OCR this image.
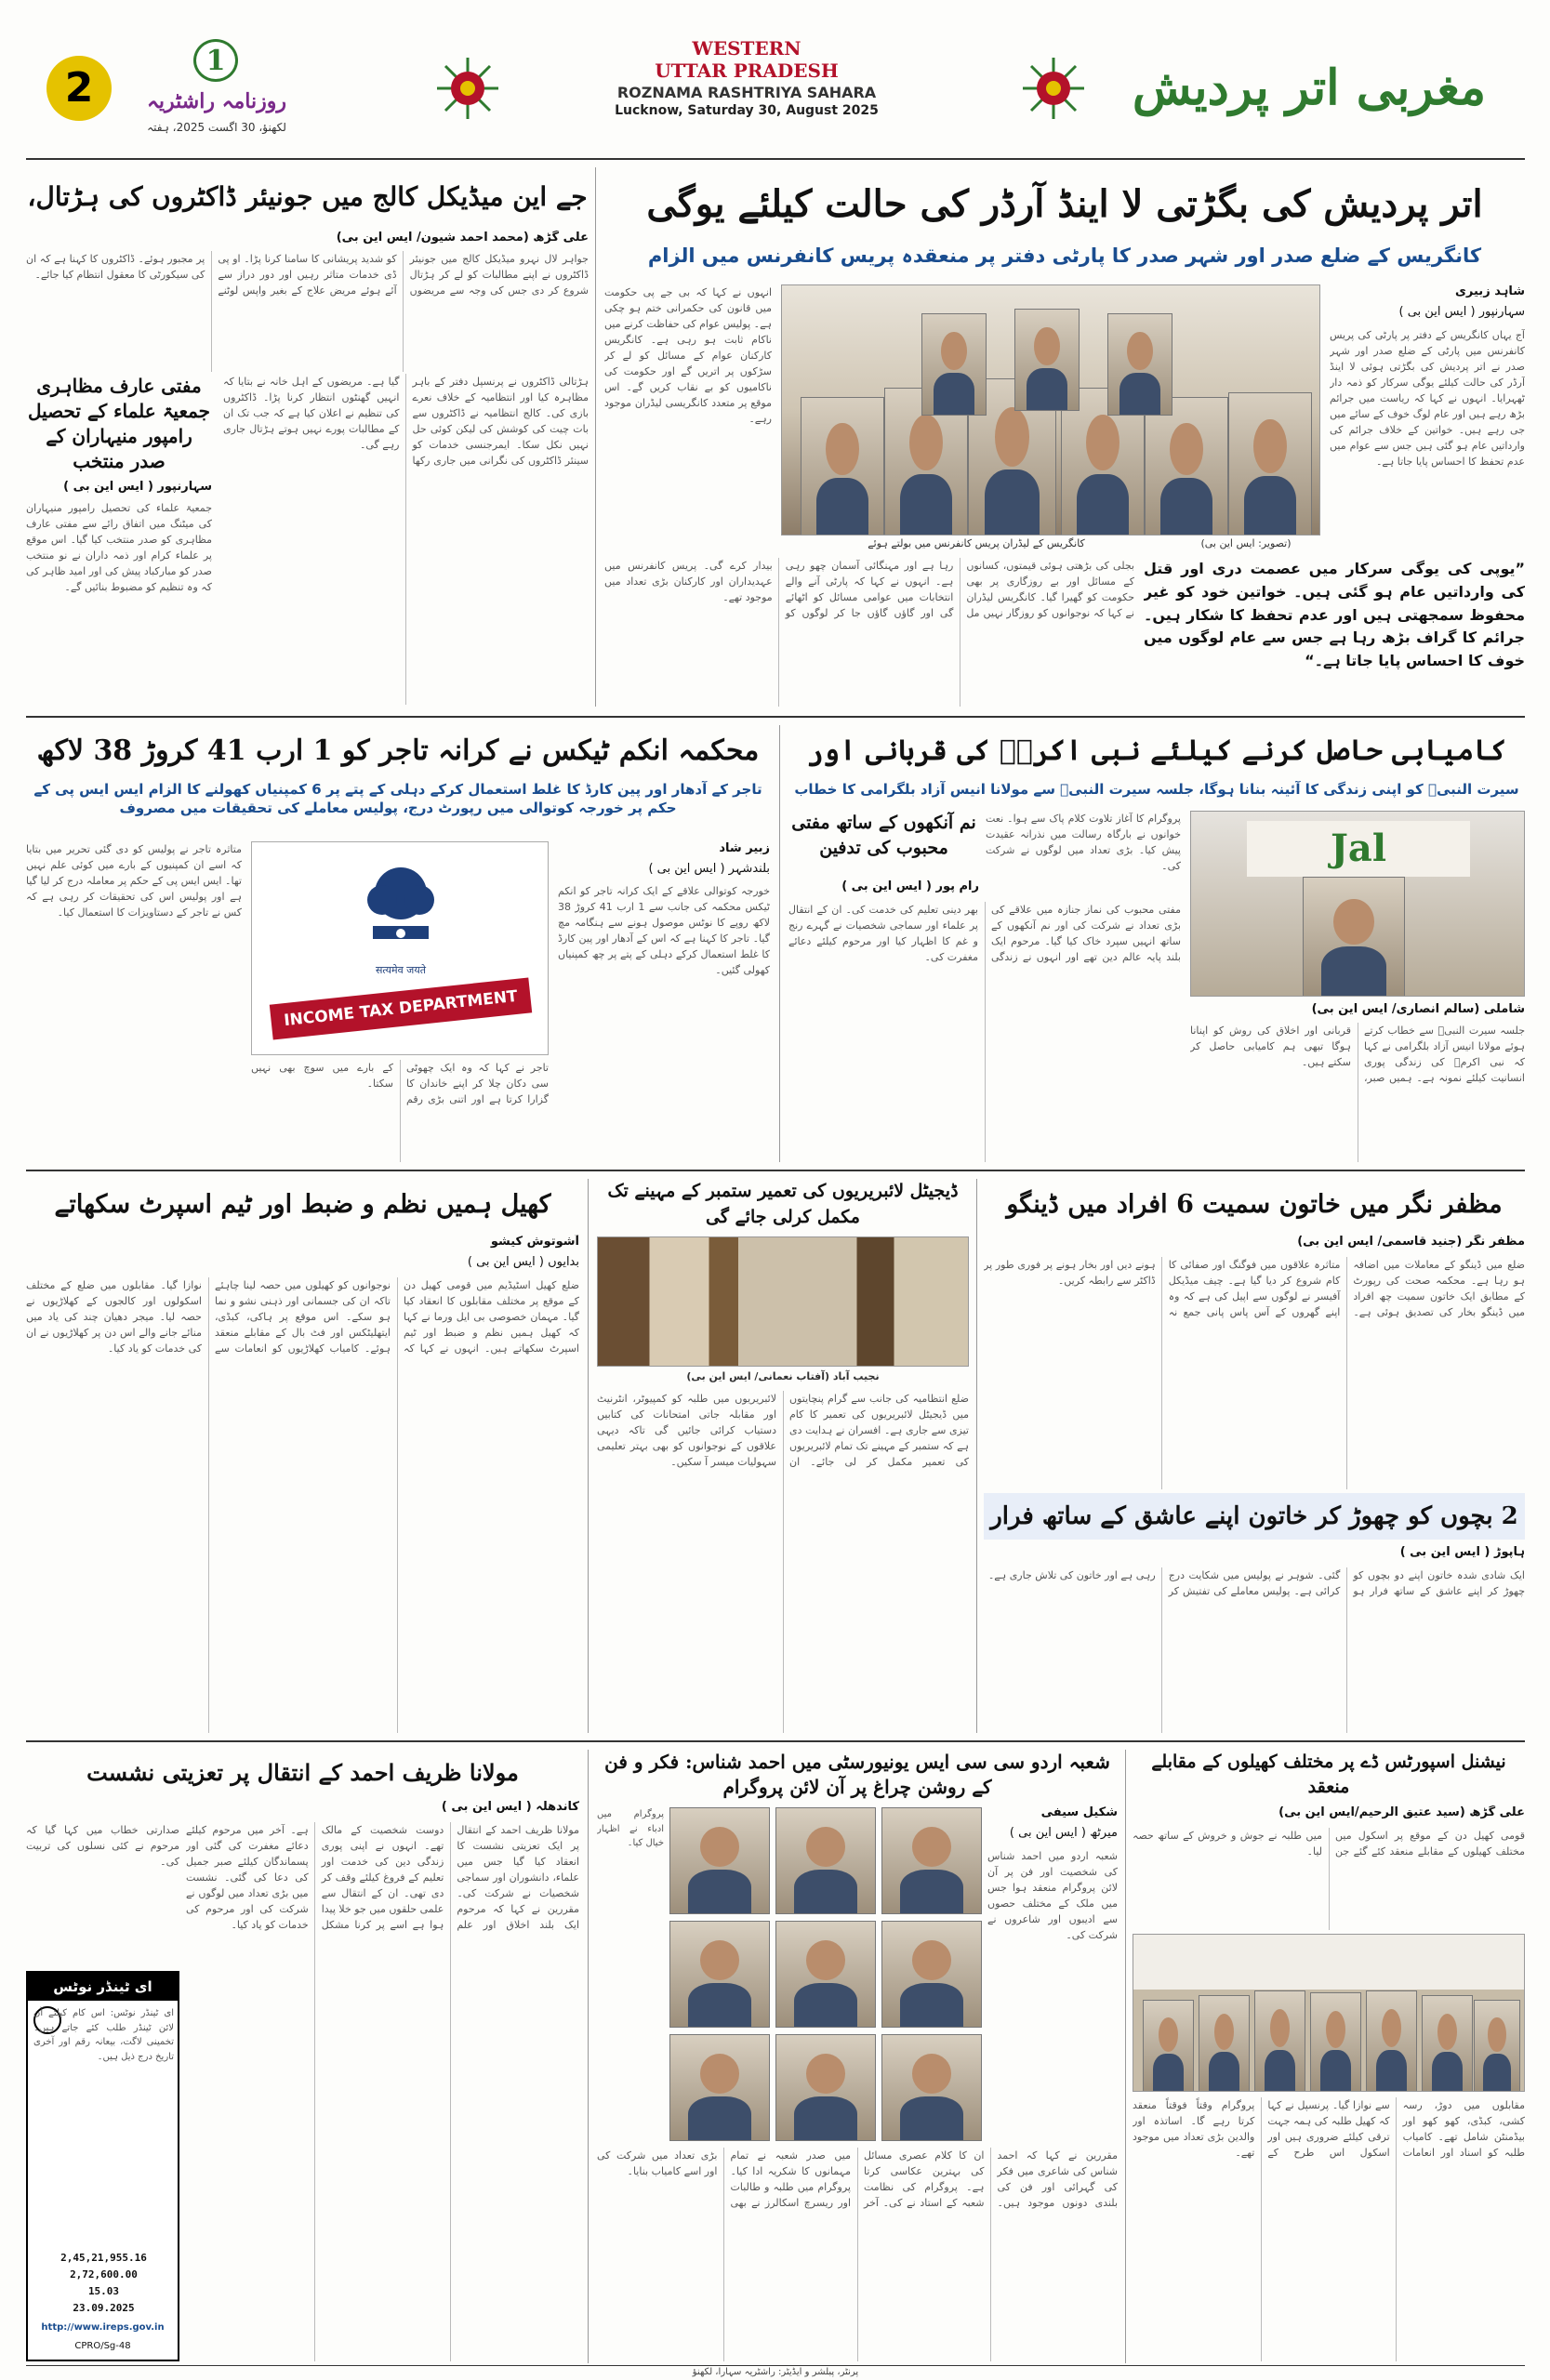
2
1
روزنامہ راشٹریہ
لکھنؤ، 30 اگست 2025، ہفتہ
WESTERN
UTTAR PRADESH
ROZNAMA RASHTRIYA SAHARA
Lucknow, Saturday 30, August 2025	مغربی اتر پردیش
اتر پردیش کی بگڑتی لا اینڈ آرڈر کی حالت کیلئے یوگی
کانگریس کے ضلع صدر اور شہر صدر کا پارٹی دفتر پر منعقدہ پریس کانفرنس میں الزام
شاہد زبیری
سہارنپور ( ایس این بی )
آج یہاں کانگریس کے دفتر پر پارٹی کی پریس کانفرنس میں پارٹی کے ضلع صدر اور شہر صدر نے اتر پردیش کی بگڑتی ہوئی لا اینڈ آرڈر کی حالت کیلئے یوگی سرکار کو ذمہ دار ٹھہرایا۔ انہوں نے کہا کہ ریاست میں جرائم بڑھ رہے ہیں اور عام لوگ خوف کے سائے میں جی رہے ہیں۔ خواتین کے خلاف جرائم کی وارداتیں عام ہو گئی ہیں جس سے عوام میں عدم تحفظ کا احساس پایا جاتا ہے۔
کانگریس کے لیڈران پریس کانفرنس میں بولتے ہوئے	(تصویر: ایس این بی)
انہوں نے کہا کہ بی جے پی حکومت میں قانون کی حکمرانی ختم ہو چکی ہے۔ پولیس عوام کی حفاظت کرنے میں ناکام ثابت ہو رہی ہے۔ کانگریس کارکنان عوام کے مسائل کو لے کر سڑکوں پر اتریں گے اور حکومت کی ناکامیوں کو بے نقاب کریں گے۔ اس موقع پر متعدد کانگریسی لیڈران موجود رہے۔
بجلی کی بڑھتی ہوئی قیمتوں، کسانوں کے مسائل اور بے روزگاری پر بھی حکومت کو گھیرا گیا۔ کانگریس لیڈران نے کہا کہ نوجوانوں کو روزگار نہیں مل رہا ہے اور مہنگائی آسمان چھو رہی ہے۔ انہوں نے کہا کہ پارٹی آنے والے انتخابات میں عوامی مسائل کو اٹھائے گی اور گاؤں گاؤں جا کر لوگوں کو بیدار کرے گی۔ پریس کانفرنس میں عہدیداران اور کارکنان بڑی تعداد میں موجود تھے۔
”یوپی کی یوگی سرکار میں عصمت دری اور قتل کی وارداتیں عام ہو گئی ہیں۔ خواتین خود کو غیر محفوظ سمجھتی ہیں اور عدم تحفظ کا شکار ہیں۔ جرائم کا گراف بڑھ رہا ہے جس سے عام لوگوں میں خوف کا احساس پایا جاتا ہے۔“
جے این میڈیکل کالج میں جونیئر ڈاکٹروں کی ہڑتال،
علی گڑھ (محمد احمد شیون/ ایس این بی)
جواہر لال نہرو میڈیکل کالج میں جونیئر ڈاکٹروں نے اپنے مطالبات کو لے کر ہڑتال شروع کر دی جس کی وجہ سے مریضوں کو شدید پریشانی کا سامنا کرنا پڑا۔ او پی ڈی خدمات متاثر رہیں اور دور دراز سے آئے ہوئے مریض علاج کے بغیر واپس لوٹنے پر مجبور ہوئے۔ ڈاکٹروں کا کہنا ہے کہ ان کی سیکورٹی کا معقول انتظام کیا جائے۔
مفتی عارف مظاہری جمعیۃ علماء کے تحصیل رامپور منیہاران کے صدر منتخب
سہارنپور ( ایس این بی )
جمعیۃ علماء کی تحصیل رامپور منیہاران کی میٹنگ میں اتفاق رائے سے مفتی عارف مظاہری کو صدر منتخب کیا گیا۔ اس موقع پر علماء کرام اور ذمہ داران نے نو منتخب صدر کو مبارکباد پیش کی اور امید ظاہر کی کہ وہ تنظیم کو مضبوط بنائیں گے۔
ہڑتالی ڈاکٹروں نے پرنسپل دفتر کے باہر مظاہرہ کیا اور انتظامیہ کے خلاف نعرے بازی کی۔ کالج انتظامیہ نے ڈاکٹروں سے بات چیت کی کوشش کی لیکن کوئی حل نہیں نکل سکا۔ ایمرجنسی خدمات کو سینئر ڈاکٹروں کی نگرانی میں جاری رکھا گیا ہے۔ مریضوں کے اہل خانہ نے بتایا کہ انہیں گھنٹوں انتظار کرنا پڑا۔ ڈاکٹروں کی تنظیم نے اعلان کیا ہے کہ جب تک ان کے مطالبات پورے نہیں ہوتے ہڑتال جاری رہے گی۔
محکمہ انکم ٹیکس نے کرانہ تاجر کو 1 ارب 41 کروڑ 38 لاکھ
تاجر کے آدھار اور پین کارڈ کا غلط استعمال کرکے دہلی کے پتے پر 6 کمپنیاں کھولنے کا الزام ایس ایس پی کے حکم پر خورجہ کوتوالی میں رپورٹ درج، پولیس معاملے کی تحقیقات میں مصروف
सत्यमेव जयते
INCOME TAX DEPARTMENT
زبیر شاد
بلندشہر ( ایس این بی )
خورجہ کوتوالی علاقے کے ایک کرانہ تاجر کو انکم ٹیکس محکمہ کی جانب سے 1 ارب 41 کروڑ 38 لاکھ روپے کا نوٹس موصول ہونے سے ہنگامہ مچ گیا۔ تاجر کا کہنا ہے کہ اس کے آدھار اور پین کارڈ کا غلط استعمال کرکے دہلی کے پتے پر چھ کمپنیاں کھولی گئیں۔
متاثرہ تاجر نے پولیس کو دی گئی تحریر میں بتایا کہ اسے ان کمپنیوں کے بارے میں کوئی علم نہیں تھا۔ ایس ایس پی کے حکم پر معاملہ درج کر لیا گیا ہے اور پولیس اس کی تحقیقات کر رہی ہے کہ کس نے تاجر کے دستاویزات کا استعمال کیا۔
تاجر نے کہا کہ وہ ایک چھوٹی سی دکان چلا کر اپنے خاندان کا گزارا کرتا ہے اور اتنی بڑی رقم کے بارے میں سوچ بھی نہیں سکتا۔
کامیابی حاصل کرنے کیلئے نبی اکرمؐ کی قربانی اور
سیرت النبیؐ کو اپنی زندگی کا آئینہ بنانا ہوگا، جلسہ سیرت النبیؐ سے مولانا انیس آزاد بلگرامی کا خطاب
Jal
شاملی (سالم انصاری/ ایس این بی)
جلسہ سیرت النبیؐ سے خطاب کرتے ہوئے مولانا انیس آزاد بلگرامی نے کہا کہ نبی اکرمؐ کی زندگی پوری انسانیت کیلئے نمونہ ہے۔ ہمیں صبر، قربانی اور اخلاق کی روش کو اپنانا ہوگا تبھی ہم کامیابی حاصل کر سکتے ہیں۔
پروگرام کا آغاز تلاوت کلام پاک سے ہوا۔ نعت خوانوں نے بارگاہ رسالت میں نذرانہ عقیدت پیش کیا۔ بڑی تعداد میں لوگوں نے شرکت کی۔
نم آنکھوں کے ساتھ مفتی محبوب کی تدفین
رام پور ( ایس این بی )
مفتی محبوب کی نماز جنازہ میں علاقے کی بڑی تعداد نے شرکت کی اور نم آنکھوں کے ساتھ انہیں سپرد خاک کیا گیا۔ مرحوم ایک بلند پایہ عالم دین تھے اور انہوں نے زندگی بھر دینی تعلیم کی خدمت کی۔ ان کے انتقال پر علماء اور سماجی شخصیات نے گہرے رنج و غم کا اظہار کیا اور مرحوم کیلئے دعائے مغفرت کی۔
کھیل ہمیں نظم و ضبط اور ٹیم اسپرٹ سکھاتے
آشوتوش کیشو
بدایوں ( ایس این بی )
ضلع کھیل اسٹیڈیم میں قومی کھیل دن کے موقع پر مختلف مقابلوں کا انعقاد کیا گیا۔ مہمان خصوصی بی ایل ورما نے کہا کہ کھیل ہمیں نظم و ضبط اور ٹیم اسپرٹ سکھاتے ہیں۔ انہوں نے کہا کہ نوجوانوں کو کھیلوں میں حصہ لینا چاہئے تاکہ ان کی جسمانی اور ذہنی نشو و نما ہو سکے۔ اس موقع پر ہاکی، کبڈی، ایتھلیٹکس اور فٹ بال کے مقابلے منعقد ہوئے۔ کامیاب کھلاڑیوں کو انعامات سے نوازا گیا۔ مقابلوں میں ضلع کے مختلف اسکولوں اور کالجوں کے کھلاڑیوں نے حصہ لیا۔ میجر دھیان چند کی یاد میں منائے جانے والے اس دن پر کھلاڑیوں نے ان کی خدمات کو یاد کیا۔
ڈیجیٹل لائبریریوں کی تعمیر ستمبر کے مہینے تک مکمل کرلی جائے گی
نجیب آباد (آفتاب نعمانی/ ایس این بی)
ضلع انتظامیہ کی جانب سے گرام پنچایتوں میں ڈیجیٹل لائبریریوں کی تعمیر کا کام تیزی سے جاری ہے۔ افسران نے ہدایت دی ہے کہ ستمبر کے مہینے تک تمام لائبریریوں کی تعمیر مکمل کر لی جائے۔ ان لائبریریوں میں طلبہ کو کمپیوٹر، انٹرنیٹ اور مقابلہ جاتی امتحانات کی کتابیں دستیاب کرائی جائیں گی تاکہ دیہی علاقوں کے نوجوانوں کو بھی بہتر تعلیمی سہولیات میسر آ سکیں۔
مظفر نگر میں خاتون سمیت 6 افراد میں ڈینگو
مظفر نگر (جنید قاسمی/ ایس این بی)
ضلع میں ڈینگو کے معاملات میں اضافہ ہو رہا ہے۔ محکمہ صحت کی رپورٹ کے مطابق ایک خاتون سمیت چھ افراد میں ڈینگو بخار کی تصدیق ہوئی ہے۔ متاثرہ علاقوں میں فوگنگ اور صفائی کا کام شروع کر دیا گیا ہے۔ چیف میڈیکل آفیسر نے لوگوں سے اپیل کی ہے کہ وہ اپنے گھروں کے آس پاس پانی جمع نہ ہونے دیں اور بخار ہونے پر فوری طور پر ڈاکٹر سے رابطہ کریں۔
2 بچوں کو چھوڑ کر خاتون اپنے عاشق کے ساتھ فرار
ہاپوڑ ( ایس این بی )
ایک شادی شدہ خاتون اپنے دو بچوں کو چھوڑ کر اپنے عاشق کے ساتھ فرار ہو گئی۔ شوہر نے پولیس میں شکایت درج کرائی ہے۔ پولیس معاملے کی تفتیش کر رہی ہے اور خاتون کی تلاش جاری ہے۔
مولانا ظریف احمد کے انتقال پر تعزیتی نشست
کاندھلہ ( ایس این بی )
مولانا ظریف احمد کے انتقال پر ایک تعزیتی نشست کا انعقاد کیا گیا جس میں علماء، دانشوران اور سماجی شخصیات نے شرکت کی۔ مقررین نے کہا کہ مرحوم ایک بلند اخلاق اور علم دوست شخصیت کے مالک تھے۔ انہوں نے اپنی پوری زندگی دین کی خدمت اور تعلیم کے فروغ کیلئے وقف کر دی تھی۔ ان کے انتقال سے علمی حلقوں میں جو خلا پیدا ہوا ہے اسے پر کرنا مشکل ہے۔ آخر میں مرحوم کیلئے دعائے مغفرت کی گئی اور پسماندگان کیلئے صبر جمیل کی دعا کی گئی۔ نشست میں بڑی تعداد میں لوگوں نے شرکت کی اور مرحوم کی خدمات کو یاد کیا۔
صدارتی خطاب میں کہا گیا کہ مرحوم نے کئی نسلوں کی تربیت کی۔
ای ٹینڈر نوٹس
ای ٹینڈر نوٹس: اس کام کیلئے آن لائن ٹینڈر طلب کئے جاتے ہیں۔ تخمینی لاگت، بیعانہ رقم اور آخری تاریخ درج ذیل ہیں۔
2,45,21,955.16
2,72,600.00
15.03
23.09.2025
http://www.ireps.gov.in
CPRO/Sg-48
شعبہ اردو سی سی ایس یونیورسٹی میں احمد شناس: فکر و فن کے روشن چراغ پر آن لائن پروگرام
شکیل سیفی
میرٹھ ( ایس این بی )
پروگرام میں ادباء نے اظہار خیال کیا۔
شعبہ اردو میں احمد شناس کی شخصیت اور فن پر آن لائن پروگرام منعقد ہوا جس میں ملک کے مختلف حصوں سے ادیبوں اور شاعروں نے شرکت کی۔
مقررین نے کہا کہ احمد شناس کی شاعری میں فکر کی گہرائی اور فن کی بلندی دونوں موجود ہیں۔ ان کا کلام عصری مسائل کی بہترین عکاسی کرتا ہے۔ پروگرام کی نظامت شعبہ کے استاد نے کی۔ آخر میں صدر شعبہ نے تمام مہمانوں کا شکریہ ادا کیا۔ پروگرام میں طلبہ و طالبات اور ریسرچ اسکالرز نے بھی بڑی تعداد میں شرکت کی اور اسے کامیاب بنایا۔
نیشنل اسپورٹس ڈے پر مختلف کھیلوں کے مقابلے منعقد
علی گڑھ (سید عتیق الرحیم/ایس این بی)
قومی کھیل دن کے موقع پر اسکول میں مختلف کھیلوں کے مقابلے منعقد کئے گئے جن میں طلبہ نے جوش و خروش کے ساتھ حصہ لیا۔
مقابلوں میں دوڑ، رسہ کشی، کبڈی، کھو کھو اور بیڈمنٹن شامل تھے۔ کامیاب طلبہ کو اسناد اور انعامات سے نوازا گیا۔ پرنسپل نے کہا کہ کھیل طلبہ کی ہمہ جہت ترقی کیلئے ضروری ہیں اور اسکول اس طرح کے پروگرام وقتاً فوقتاً منعقد کرتا رہے گا۔ اساتذہ اور والدین بڑی تعداد میں موجود تھے۔
پرنٹر، پبلشر و ایڈیٹر: راشٹریہ سہارا، لکھنؤ
